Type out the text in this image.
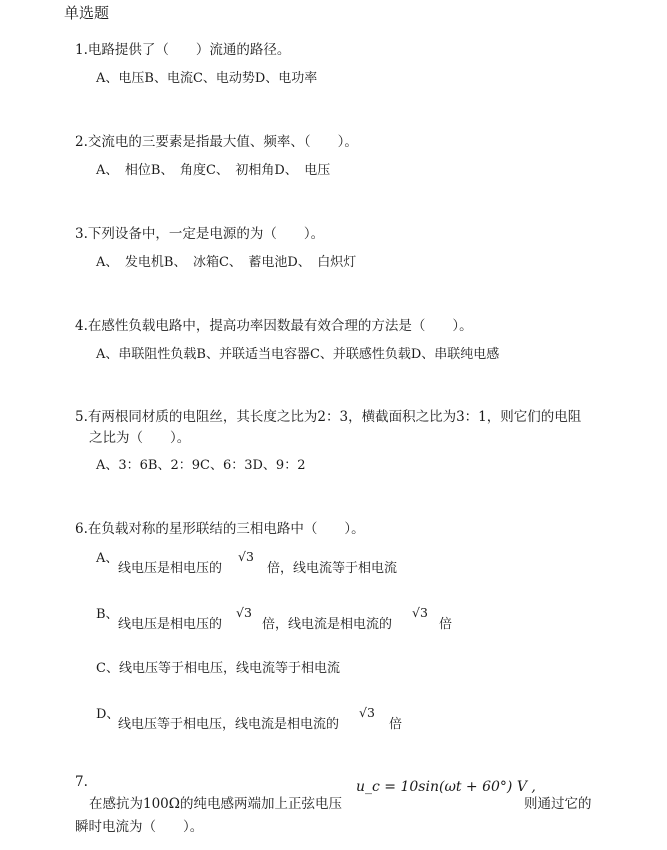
单选题
1.电路提供了（　　）流通的路径。
A、电压B、电流C、电动势D、电功率
2.交流电的三要素是指最大值、频率、（　　）。
A、　相位B、　角度C、　初相角D、　电压
3.下列设备中，一定是电源的为（　　）。
A、　发电机B、　冰箱C、　蓄电池D、　白炽灯
4.在感性负载电路中，提高功率因数最有效合理的方法是（　　）。
A、串联阻性负载B、并联适当电容器C、并联感性负载D、串联纯电感
5.有两根同材质的电阻丝，其长度之比为2：3，横截面积之比为3：1，则它们的电阻
之比为（　　）。
A、3：6B、2：9C、6：3D、9：2
6.在负载对称的星形联结的三相电路中（　　）。
A、
线电压是相电压的
√3
倍，线电流等于相电流
B、
线电压是相电压的
√3
倍，线电流是相电流的
√3
倍
C、线电压等于相电压，线电流等于相电流
D、
线电压等于相电压，线电流是相电流的
√3
倍
7.
在感抗为100Ω的纯电感两端加上正弦电压
u_c = 10sin(ωt + 60°) V ,
则通过它的
瞬时电流为（　　）。
